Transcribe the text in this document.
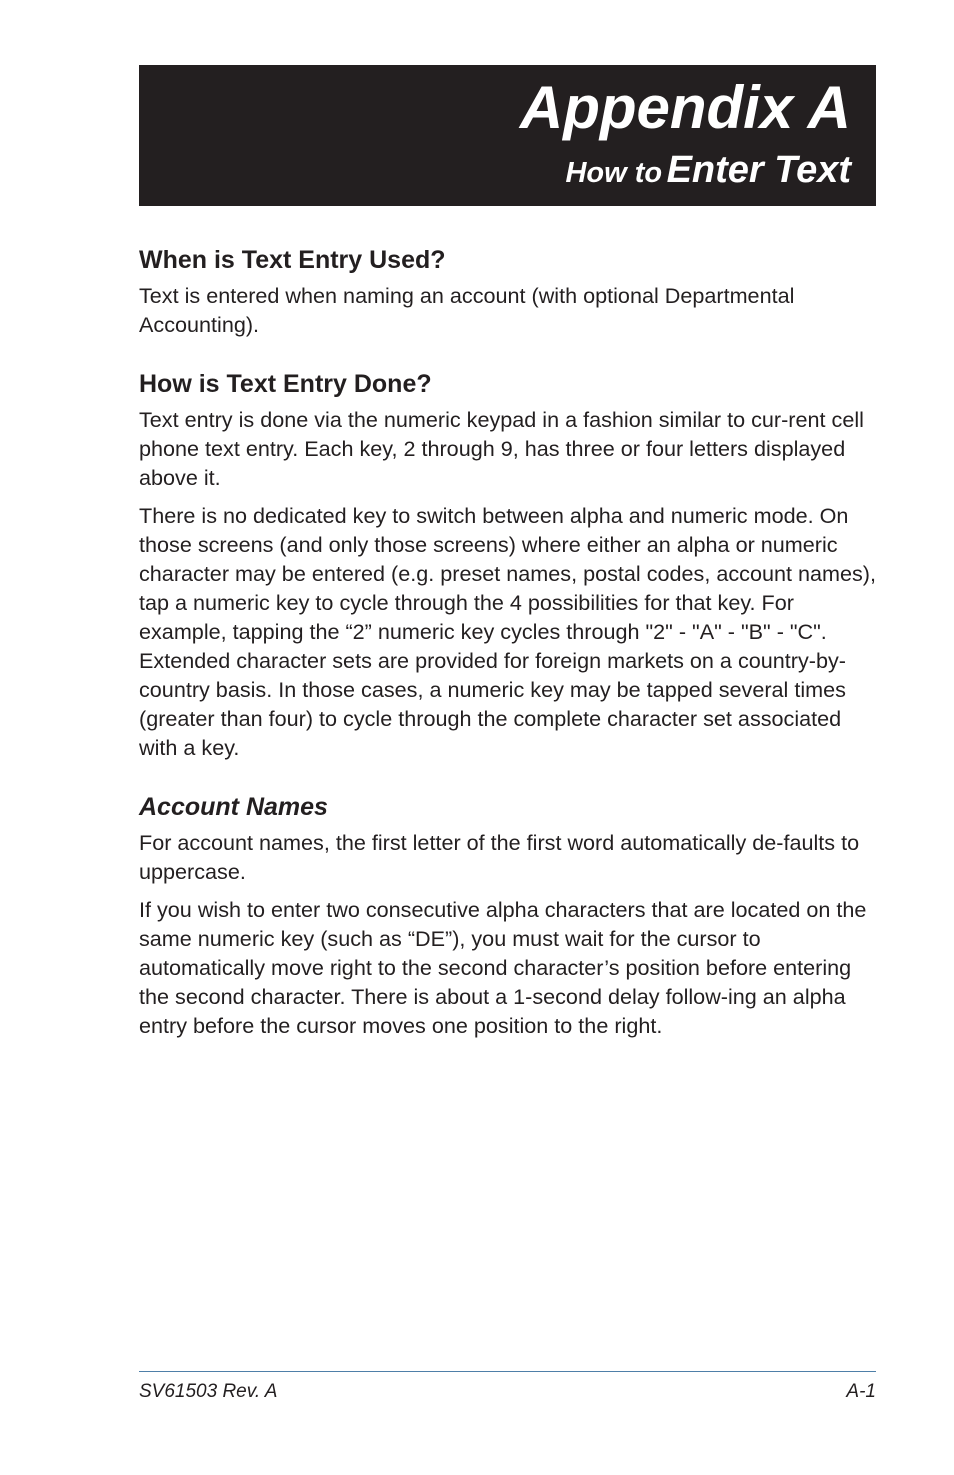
Appendix A
How to Enter Text
When is Text Entry Used?

Text is entered when naming an account (with optional Departmental Accounting).

How is Text Entry Done?

Text entry is done via the numeric keypad in a fashion similar to cur-rent cell phone text entry. Each key, 2 through 9, has three or four letters displayed above it.

There is no dedicated key to switch between alpha and numeric mode. On those screens (and only those screens) where either an alpha or numeric character may be entered (e.g. preset names, postal codes, account names), tap a numeric key to cycle through the 4 possibilities for that key. For example, tapping the “2” numeric key cycles through "2" - "A" - "B" - "C". Extended character sets are provided for foreign markets on a country-by-country basis. In those cases, a numeric key may be tapped several times (greater than four) to cycle through the complete character set associated with a key.

Account Names

For account names, the first letter of the first word automatically de-faults to uppercase.

If you wish to enter two consecutive alpha characters that are located on the same numeric key (such as “DE”), you must wait for the cursor to automatically move right to the second character’s position before entering the second character. There is about a 1-second delay follow-ing an alpha entry before the cursor moves one position to the right.

SV61503 Rev. A	A-1
